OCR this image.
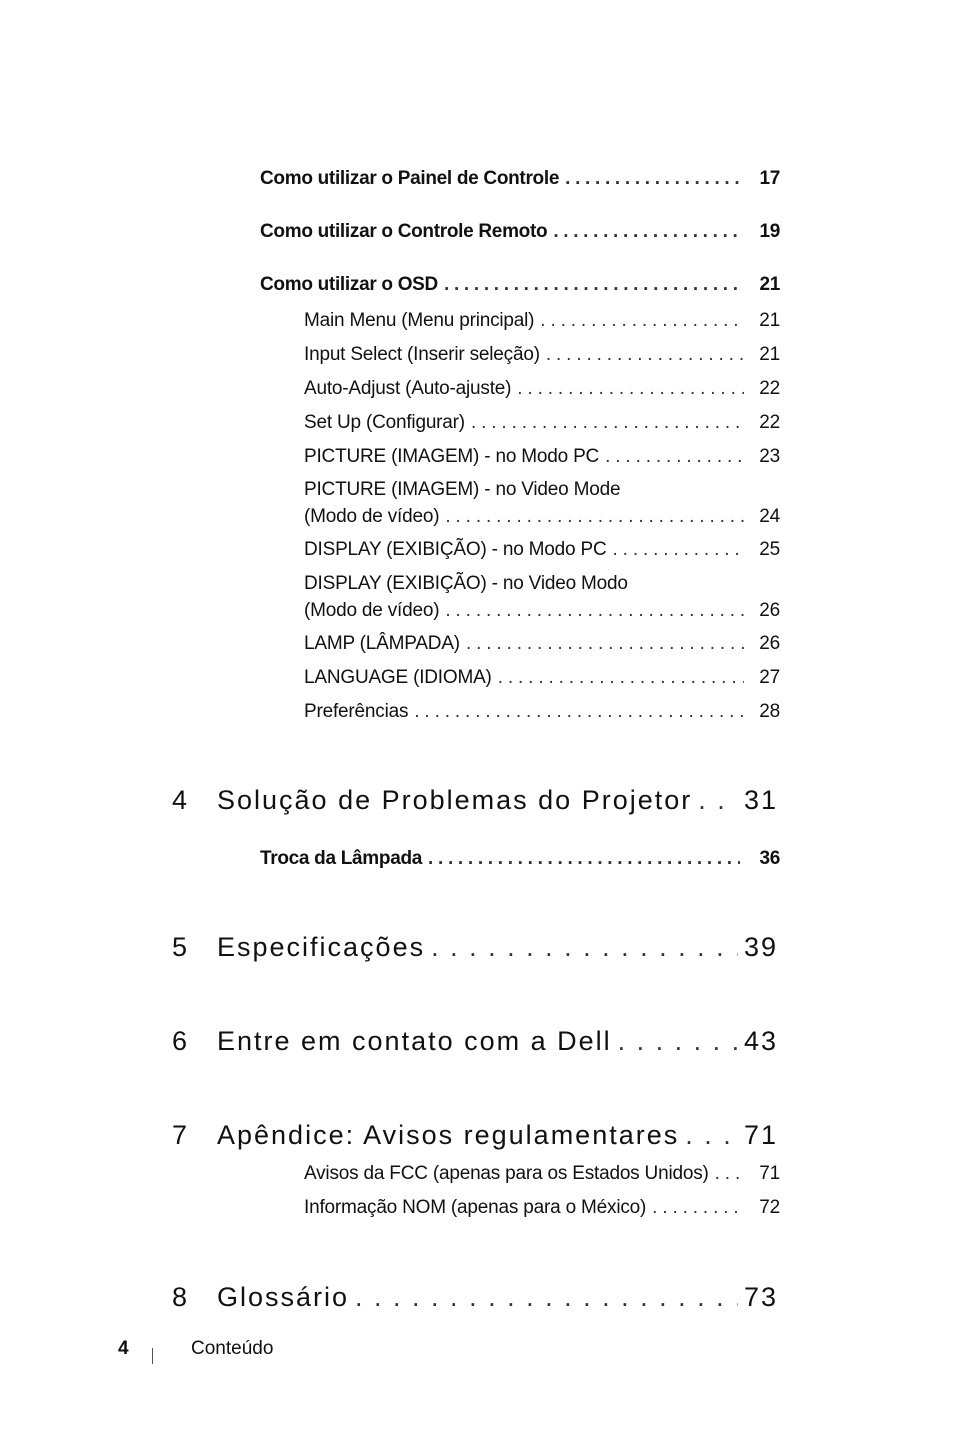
Como utilizar o Painel de Controle . . .	17
Como utilizar o Controle Remoto . . .	19
Como utilizar o OSD . . .	21
Main Menu (Menu principal) . . .	21
Input Select (Inserir seleção) . . .	21
Auto-Adjust (Auto-ajuste) . . .	22
Set Up (Configurar) . . .	22
PICTURE (IMAGEM) - no Modo PC . . .	23
PICTURE (IMAGEM) - no Video Mode
(Modo de vídeo) . . .	24
DISPLAY (EXIBIÇÃO) - no Modo PC . . .	25
DISPLAY (EXIBIÇÃO) - no Video Modo
(Modo de vídeo) . . .	26
LAMP (LÂMPADA) . . .	26
LANGUAGE (IDIOMA) . . .	27
Preferências . . .	28
4	Solução de Problemas do Projetor . . . 31
Troca da Lâmpada . . .	36
5	Especificações . . .	39
6	Entre em contato com a Dell . . .	43
7	Apêndice: Avisos regulamentares . . . 71
Avisos da FCC (apenas para os Estados Unidos) . . .	71
Informação NOM (apenas para o México) . . .	72
8	Glossário . . .	73
4	Conteúdo
